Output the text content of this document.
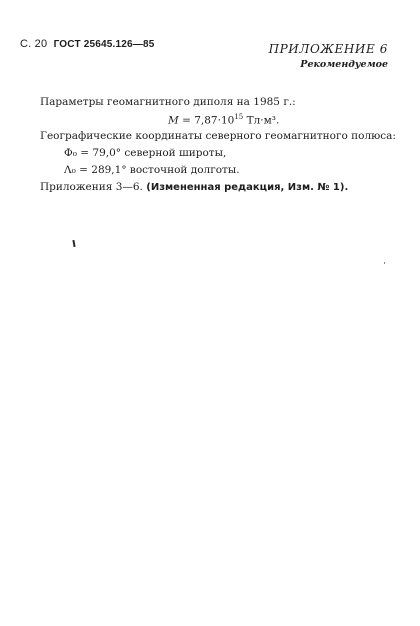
С. 20 ГОСТ 25645.126—85	ПРИЛОЖЕНИЕ 6
Рекомендуемое
Параметры геомагнитного диполя на 1985 г.:
$М = 7,87\cdot 10^{15}$ Тл·м³.
Географические координаты северного геомагнитного полюса:
Ф₀ = 79,0° северной широты,
Λ₀ = 289,1° восточной долготы.
Приложения 3—6. (Измененная редакция, Изм. № 1).
